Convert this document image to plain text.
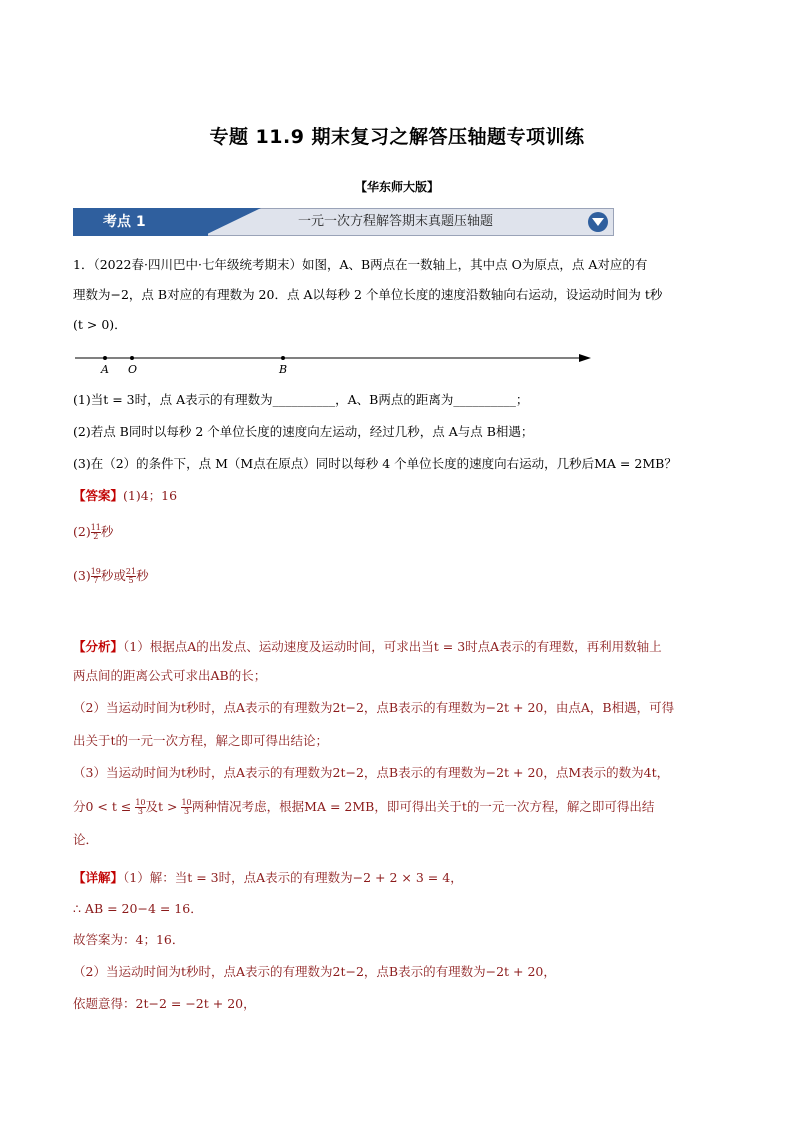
专题 11.9 期末复习之解答压轴题专项训练
【华东师大版】
考点 1	一元一次方程解答期末真题压轴题
1．（2022春·四川巴中·七年级统考期末）如图，A、B两点在一数轴上，其中点 O为原点，点 A对应的有
理数为−2，点 B对应的有理数为 20．点 A以每秒 2 个单位长度的速度沿数轴向右运动，设运动时间为 t秒
(t > 0)．
A O	B
(1)当t = 3时，点 A表示的有理数为__________，A、B两点的距离为__________；
(2)若点 B同时以每秒 2 个单位长度的速度向左运动，经过几秒，点 A与点 B相遇；
(3)在（2）的条件下，点 M（M点在原点）同时以每秒 4 个单位长度的速度向右运动，几秒后MA = 2MB？
【答案】(1)4；16
$(2) \frac{11}{2}$ 秒
$(3) \frac{19}{7}$ 秒或 $\frac{21}{5}$ 秒
【分析】（1）根据点A的出发点、运动速度及运动时间，可求出当t = 3时点A表示的有理数，再利用数轴上
两点间的距离公式可求出AB的长；
（2）当运动时间为t秒时，点A表示的有理数为2t−2，点B表示的有理数为−2t + 20，由点A，B相遇，可得
出关于t的一元一次方程，解之即可得出结论；
（3）当运动时间为t秒时，点A表示的有理数为2t−2，点B表示的有理数为−2t + 20，点M表示的数为4t，
分$0 < t \le \frac{10}{3}$ 及$t > \frac{10}{3}$ 两种情况考虑，根据MA = 2MB，即可得出关于t的一元一次方程，解之即可得出结
论．
【详解】（1）解：当t = 3时，点A表示的有理数为−2 + 2 × 3 = 4，
∴ AB = 20−4 = 16．
故答案为：4；16．
（2）当运动时间为t秒时，点A表示的有理数为2t−2，点B表示的有理数为−2t + 20，
依题意得：2t−2 = −2t + 20，
